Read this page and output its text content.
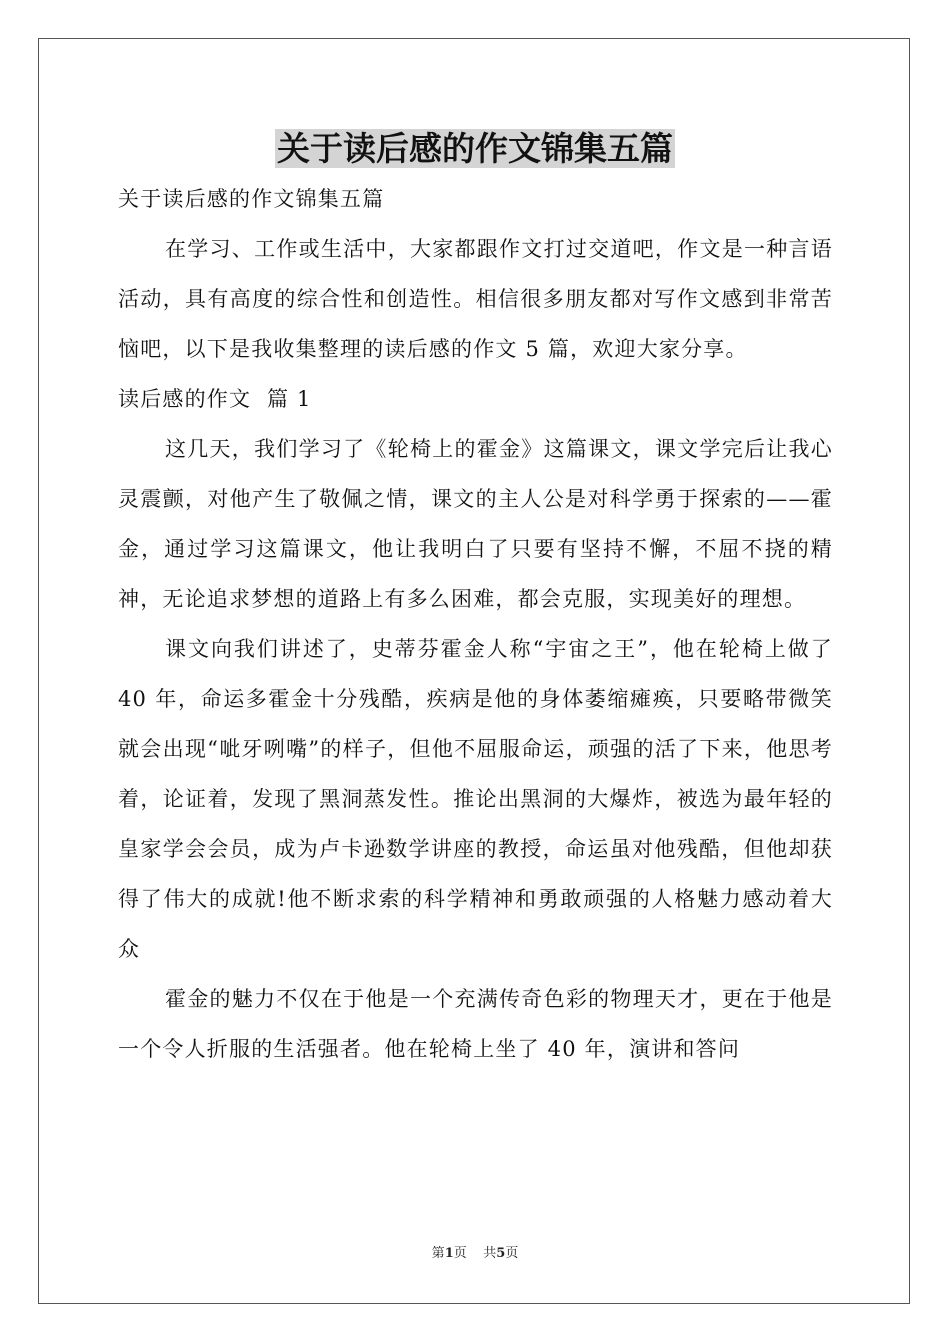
关于读后感的作文锦集五篇

关于读后感的作文锦集五篇

在学习、工作或生活中，大家都跟作文打过交道吧，作文是一种言语活动，具有高度的综合性和创造性。相信很多朋友都对写作文感到非常苦恼吧，以下是我收集整理的读后感的作文 5 篇，欢迎大家分享。

读后感的作文  篇 1

这几天，我们学习了《轮椅上的霍金》这篇课文，课文学完后让我心灵震颤，对他产生了敬佩之情，课文的主人公是对科学勇于探索的——霍金，通过学习这篇课文，他让我明白了只要有坚持不懈，不屈不挠的精神，无论追求梦想的道路上有多么困难，都会克服，实现美好的理想。

课文向我们讲述了，史蒂芬霍金人称“宇宙之王”，他在轮椅上做了 40 年，命运多霍金十分残酷，疾病是他的身体萎缩瘫痪，只要略带微笑就会出现“呲牙咧嘴”的样子，但他不屈服命运，顽强的活了下来，他思考着，论证着，发现了黑洞蒸发性。推论出黑洞的大爆炸，被选为最年轻的皇家学会会员，成为卢卡逊数学讲座的教授，命运虽对他残酷，但他却获得了伟大的成就!他不断求索的科学精神和勇敢顽强的人格魅力感动着大众

霍金的魅力不仅在于他是一个充满传奇色彩的物理天才，更在于他是一个令人折服的生活强者。他在轮椅上坐了 40 年，演讲和答问

第1页    共5页
